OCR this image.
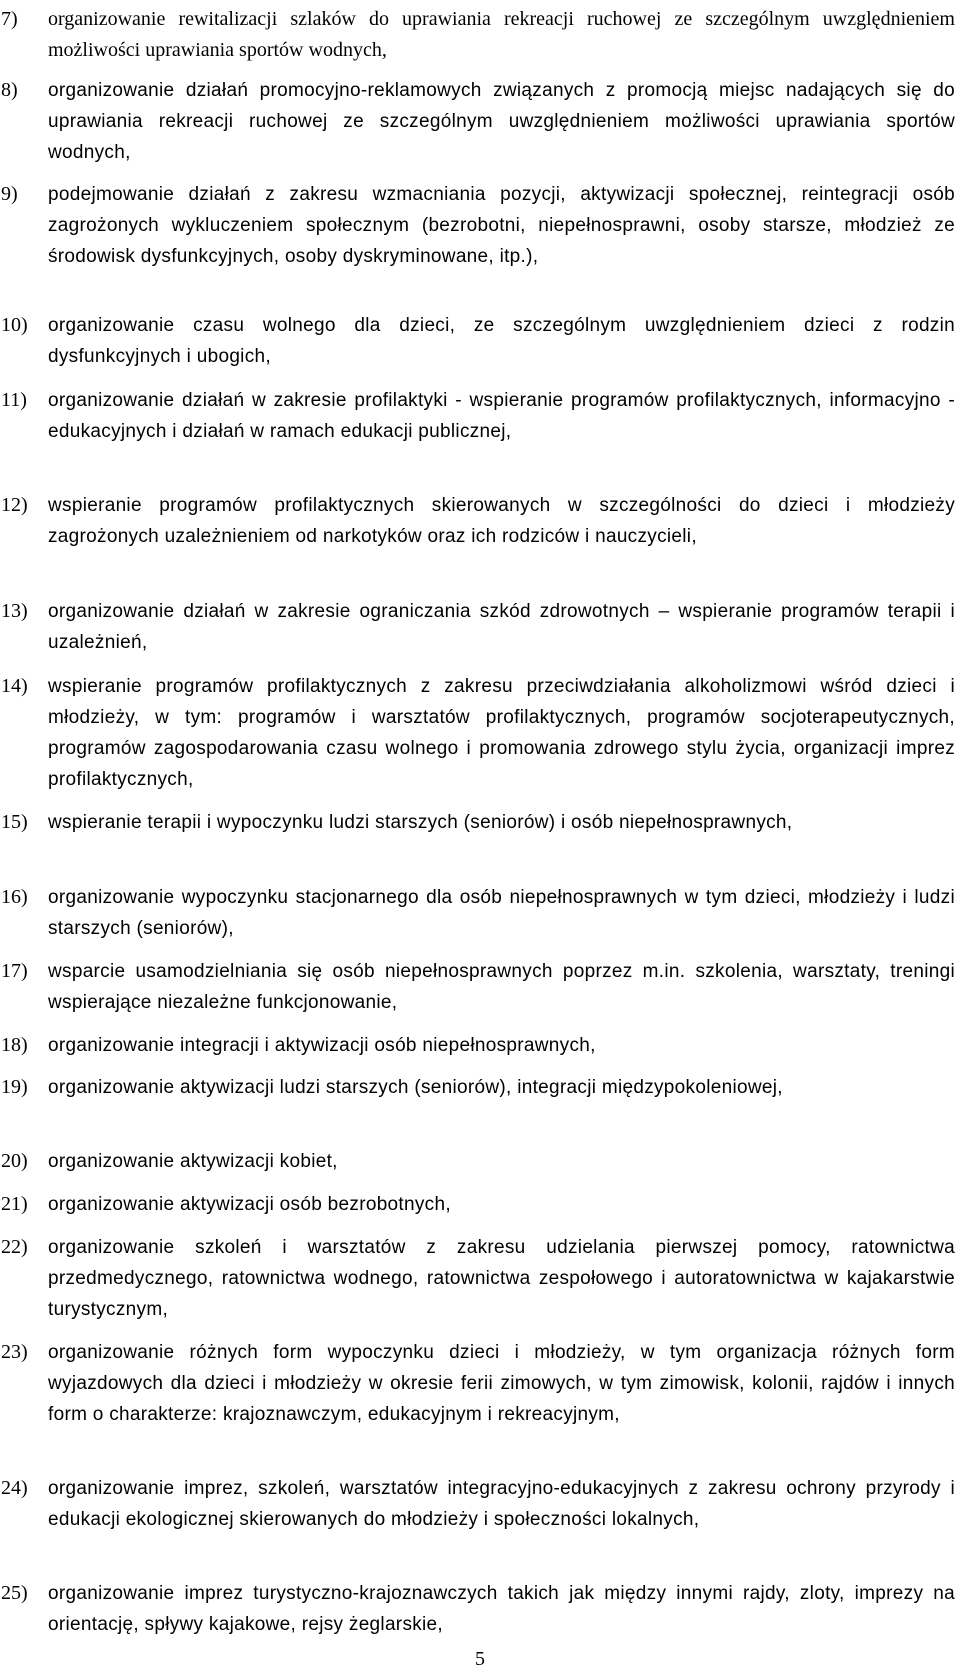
7) organizowanie rewitalizacji szlaków do uprawiania rekreacji ruchowej ze szczególnym uwzględnieniem możliwości uprawiania sportów wodnych,
8) organizowanie działań promocyjno-reklamowych związanych z promocją miejsc nadających się do uprawiania rekreacji ruchowej ze szczególnym uwzględnieniem możliwości uprawiania sportów wodnych,
9) podejmowanie działań z zakresu wzmacniania pozycji, aktywizacji społecznej, reintegracji osób zagrożonych wykluczeniem społecznym (bezrobotni, niepełnosprawni, osoby starsze, młodzież ze środowisk dysfunkcyjnych, osoby dyskryminowane, itp.),
10) organizowanie czasu wolnego dla dzieci, ze szczególnym uwzględnieniem dzieci z rodzin dysfunkcyjnych i ubogich,
11) organizowanie działań w zakresie profilaktyki - wspieranie programów profilaktycznych, informacyjno - edukacyjnych i działań w ramach edukacji publicznej,
12) wspieranie programów profilaktycznych skierowanych w szczególności do dzieci i młodzieży zagrożonych uzależnieniem od narkotyków oraz ich rodziców i nauczycieli,
13) organizowanie działań w zakresie ograniczania szkód zdrowotnych – wspieranie programów terapii i uzależnień,
14) wspieranie programów profilaktycznych z zakresu przeciwdziałania alkoholizmowi wśród dzieci i młodzieży, w tym: programów i warsztatów profilaktycznych, programów socjoterapeutycznych, programów zagospodarowania czasu wolnego i promowania zdrowego stylu życia, organizacji imprez profilaktycznych,
15) wspieranie terapii i wypoczynku ludzi starszych (seniorów) i osób niepełnosprawnych,
16) organizowanie wypoczynku stacjonarnego dla osób niepełnosprawnych w tym dzieci, młodzieży i ludzi starszych (seniorów),
17) wsparcie usamodzielniania się osób niepełnosprawnych poprzez m.in. szkolenia, warsztaty, treningi wspierające niezależne funkcjonowanie,
18) organizowanie integracji i aktywizacji osób niepełnosprawnych,
19) organizowanie aktywizacji ludzi starszych (seniorów), integracji międzypokoleniowej,
20) organizowanie aktywizacji kobiet,
21) organizowanie aktywizacji osób bezrobotnych,
22) organizowanie szkoleń i warsztatów z zakresu udzielania pierwszej pomocy, ratownictwa przedmedycznego, ratownictwa wodnego, ratownictwa zespołowego i autoratownictwa w kajakarstwie turystycznym,
23) organizowanie różnych form wypoczynku dzieci i młodzieży, w tym organizacja różnych form wyjazdowych dla dzieci i młodzieży w okresie ferii zimowych, w tym zimowisk, kolonii, rajdów i innych form o charakterze: krajoznawczym, edukacyjnym i rekreacyjnym,
24) organizowanie imprez, szkoleń, warsztatów integracyjno-edukacyjnych z zakresu ochrony przyrody i edukacji ekologicznej skierowanych do młodzieży i społeczności lokalnych,
25) organizowanie imprez turystyczno-krajoznawczych takich jak między innymi rajdy, zloty, imprezy na orientację, spływy kajakowe, rejsy żeglarskie,
5
